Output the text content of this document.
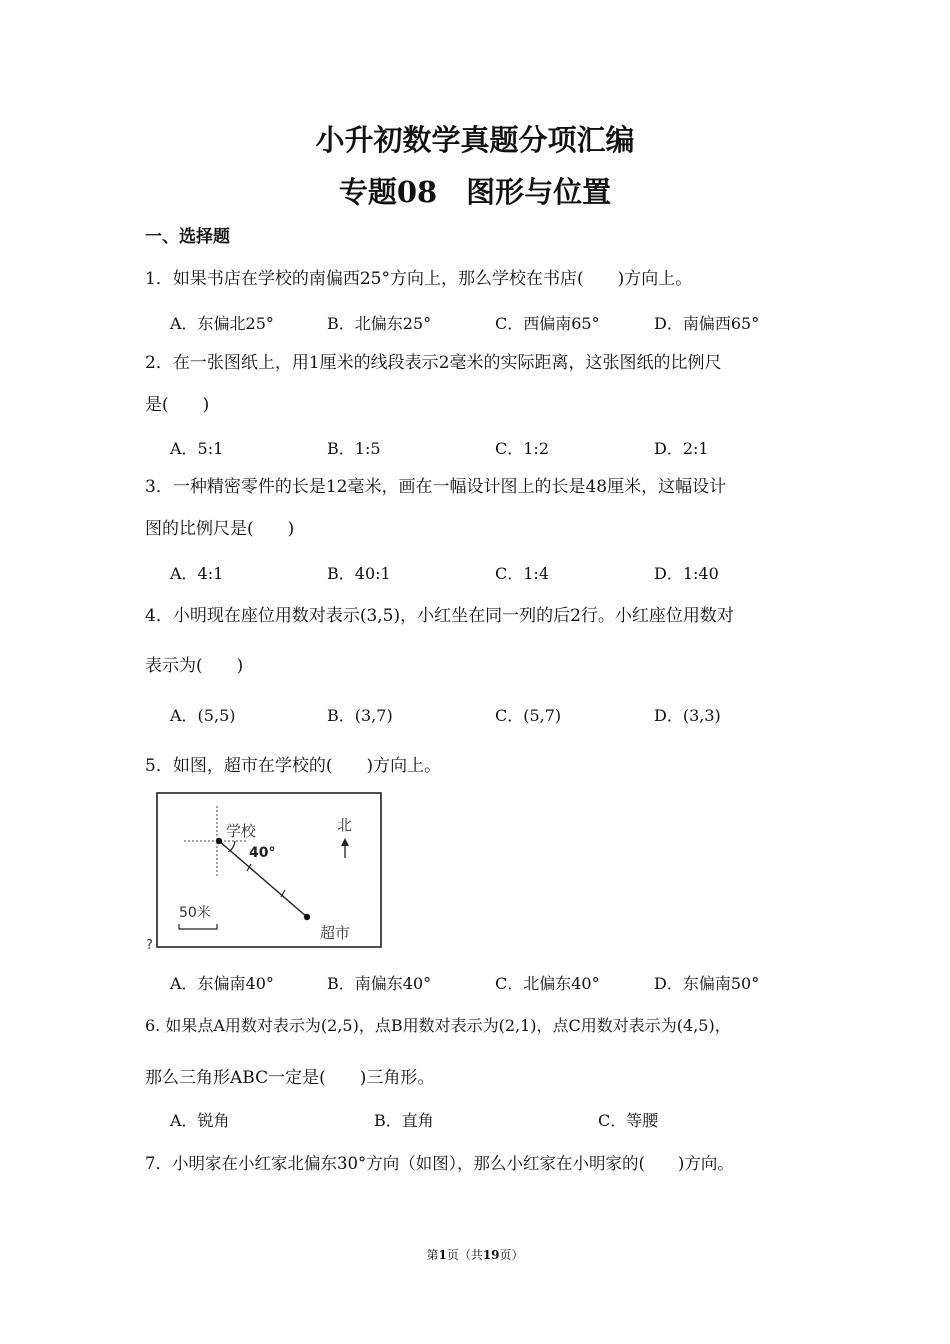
小升初数学真题分项汇编
专题08　图形与位置
一、选择题
1．如果书店在学校的南偏西25°方向上，那么学校在书店(　　)方向上。
A．东偏北25°	B．北偏东25°	C．西偏南65°	D．南偏西65°
2．在一张图纸上，用1厘米的线段表示2毫米的实际距离，这张图纸的比例尺
是(　　)
A．5:1	B．1:5	C．1:2	D．2:1
3．一种精密零件的长是12毫米，画在一幅设计图上的长是48厘米，这幅设计
图的比例尺是(　　)
A．4:1	B．40:1	C．1:4	D．1:40
4．小明现在座位用数对表示(3,5)，小红坐在同一列的后2行。小红座位用数对
表示为(　　)
A．(5,5)	B．(3,7)	C．(5,7)	D．(3,3)
5．如图，超市在学校的(　　)方向上。
学校
40°
北
50米
超市
?
A．东偏南40°	B．南偏东40°	C．北偏东40°	D．东偏南50°
6. 如果点A用数对表示为(2,5)，点B用数对表示为(2,1)，点C用数对表示为(4,5)，
那么三角形ABC一定是(　　)三角形。
A．锐角	B．直角	C．等腰
7．小明家在小红家北偏东30°方向（如图），那么小红家在小明家的(　　)方向。
第1页（共19页）
